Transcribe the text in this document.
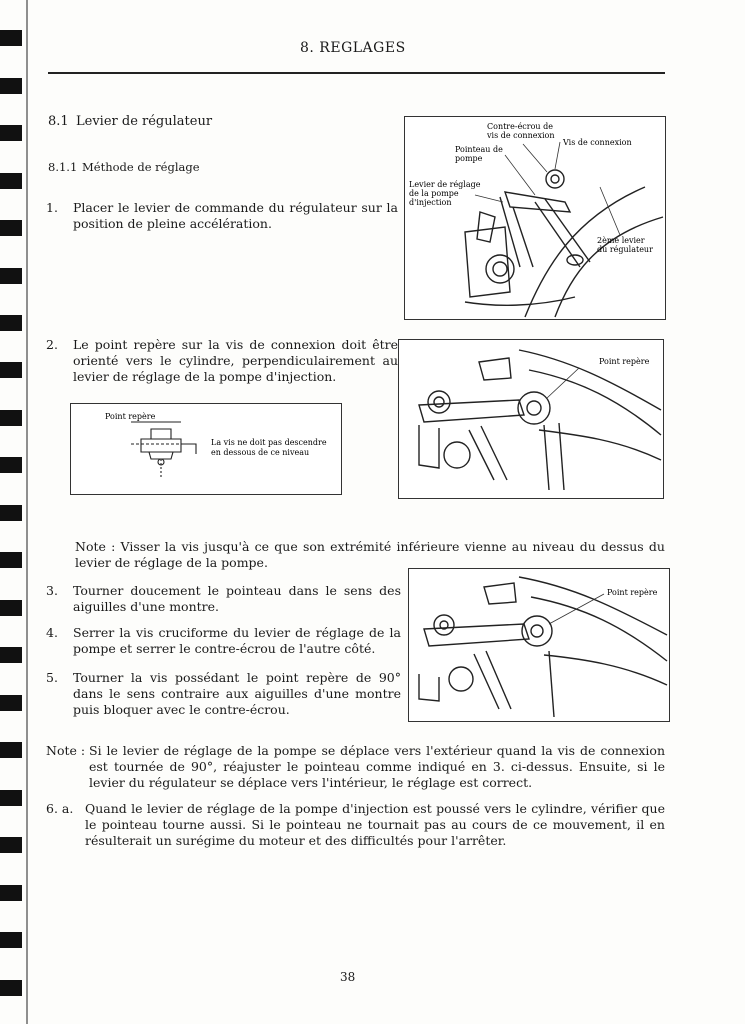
8. REGLAGES
8.1 Levier de régulateur
8.1.1 Méthode de réglage
1. Placer le levier de commande du régulateur sur la position de pleine accélération.
Contre-écrou de
vis de connexion
Vis de connexion
Pointeau de
pompe
Levier de réglage
de la pompe
d'injection
2ème levier
du régulateur
2. Le point repère sur la vis de connexion doit être orienté vers le cylindre, perpendiculairement au levier de réglage de la pompe d'injection.
Point repère
La vis ne doit pas descendre
en dessous de ce niveau
Point repère
Note : Visser la vis jusqu'à ce que son extrémité inférieure vienne au niveau du dessus du levier de réglage de la pompe.
3. Tourner doucement le pointeau dans le sens des aiguilles d'une montre.
4. Serrer la vis cruciforme du levier de réglage de la pompe et serrer le contre-écrou de l'autre côté.
5. Tourner la vis possédant le point repère de 90° dans le sens contraire aux aiguilles d'une montre puis bloquer avec le contre-écrou.
Point repère
Note : Si le levier de réglage de la pompe se déplace vers l'extérieur quand la vis de connexion est tournée de 90°, réajuster le pointeau comme indiqué en 3. ci-dessus. Ensuite, si le levier du régulateur se déplace vers l'intérieur, le réglage est correct.
6. a. Quand le levier de réglage de la pompe d'injection est poussé vers le cylindre, vérifier que le pointeau tourne aussi. Si le pointeau ne tournait pas au cours de ce mouvement, il en résulterait un surégime du moteur et des difficultés pour l'arrêter.
38
